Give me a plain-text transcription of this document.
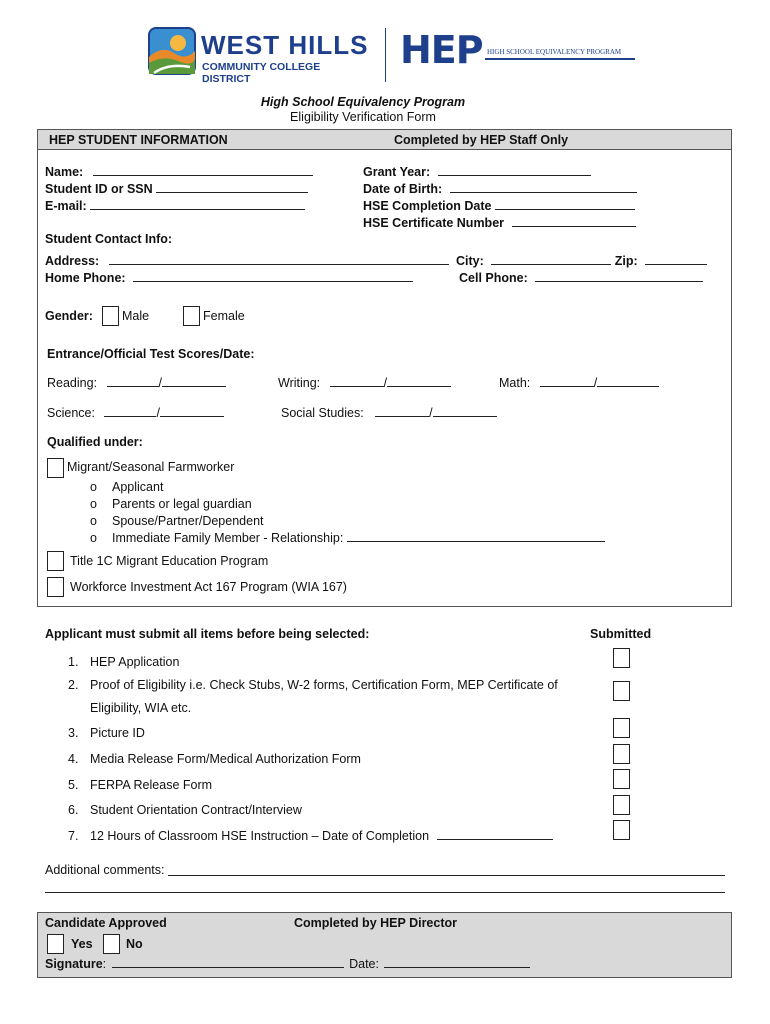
WEST HILLS
COMMUNITY COLLEGE DISTRICT
HEP HIGH SCHOOL EQUIVALENCY PROGRAM
High School Equivalency Program
Eligibility Verification Form
HEP STUDENT INFORMATION	Completed by HEP Staff Only
Name:
Student ID or SSN
E-mail:
Grant Year:
Date of Birth:
HSE Completion Date
HSE Certificate Number
Student Contact Info:
Address:	City:	Zip:
Home Phone:	Cell Phone:
Gender: Male	Female
Entrance/Official Test Scores/Date:
Reading:	/	Writing:	/	Math:	/
Science:	/	Social Studies:	/
Qualified under:
Migrant/Seasonal Farmworker
o Applicant
o Parents or legal guardian
o Spouse/Partner/Dependent
o Immediate Family Member - Relationship:
Title 1C Migrant Education Program
Workforce Investment Act 167 Program (WIA 167)
Applicant must submit all items before being selected:	Submitted
1. HEP Application
2. Proof of Eligibility i.e. Check Stubs, W-2 forms, Certification Form, MEP Certificate of
Eligibility, WIA etc.
3. Picture ID
4. Media Release Form/Medical Authorization Form
5. FERPA Release Form
6. Student Orientation Contract/Interview
7. 12 Hours of Classroom HSE Instruction – Date of Completion
Additional comments:
Candidate Approved	Completed by HEP Director
Yes	No
Signature:	Date:
